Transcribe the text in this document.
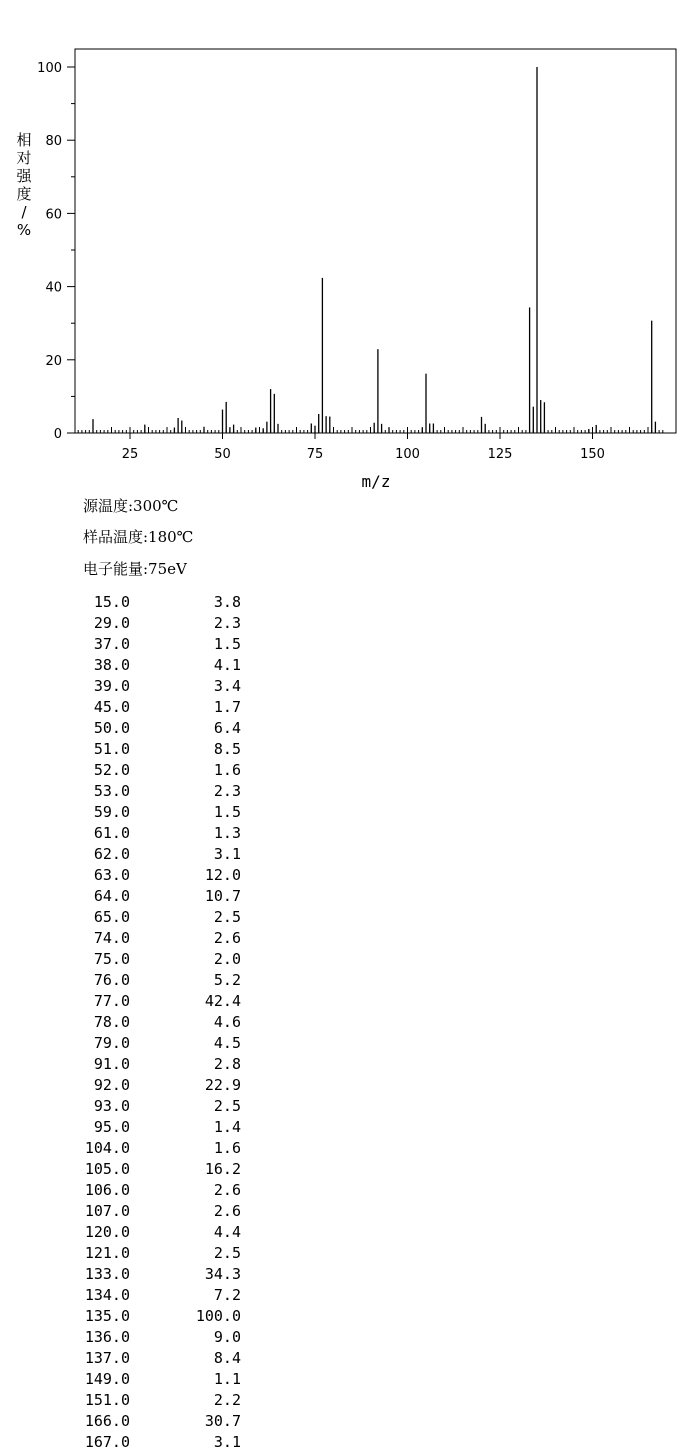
0
20
40
60
80
100
25	50	75	100	125	150
m/z
相对强度/ %
源温度:300℃
样品温度:180℃
电子能量:75eV
15.0	3.8
29.0	2.3
37.0	1.5
38.0	4.1
39.0	3.4
45.0	1.7
50.0	6.4
51.0	8.5
52.0	1.6
53.0	2.3
59.0	1.5
61.0	1.3
62.0	3.1
63.0	12.0
64.0	10.7
65.0	2.5
74.0	2.6
75.0	2.0
76.0	5.2
77.0	42.4
78.0	4.6
79.0	4.5
91.0	2.8
92.0	22.9
93.0	2.5
95.0	1.4
104.0	1.6
105.0	16.2
106.0	2.6
107.0	2.6
120.0	4.4
121.0	2.5
133.0	34.3
134.0	7.2
135.0	100.0
136.0	9.0
137.0	8.4
149.0	1.1
151.0	2.2
166.0	30.7
167.0	3.1
